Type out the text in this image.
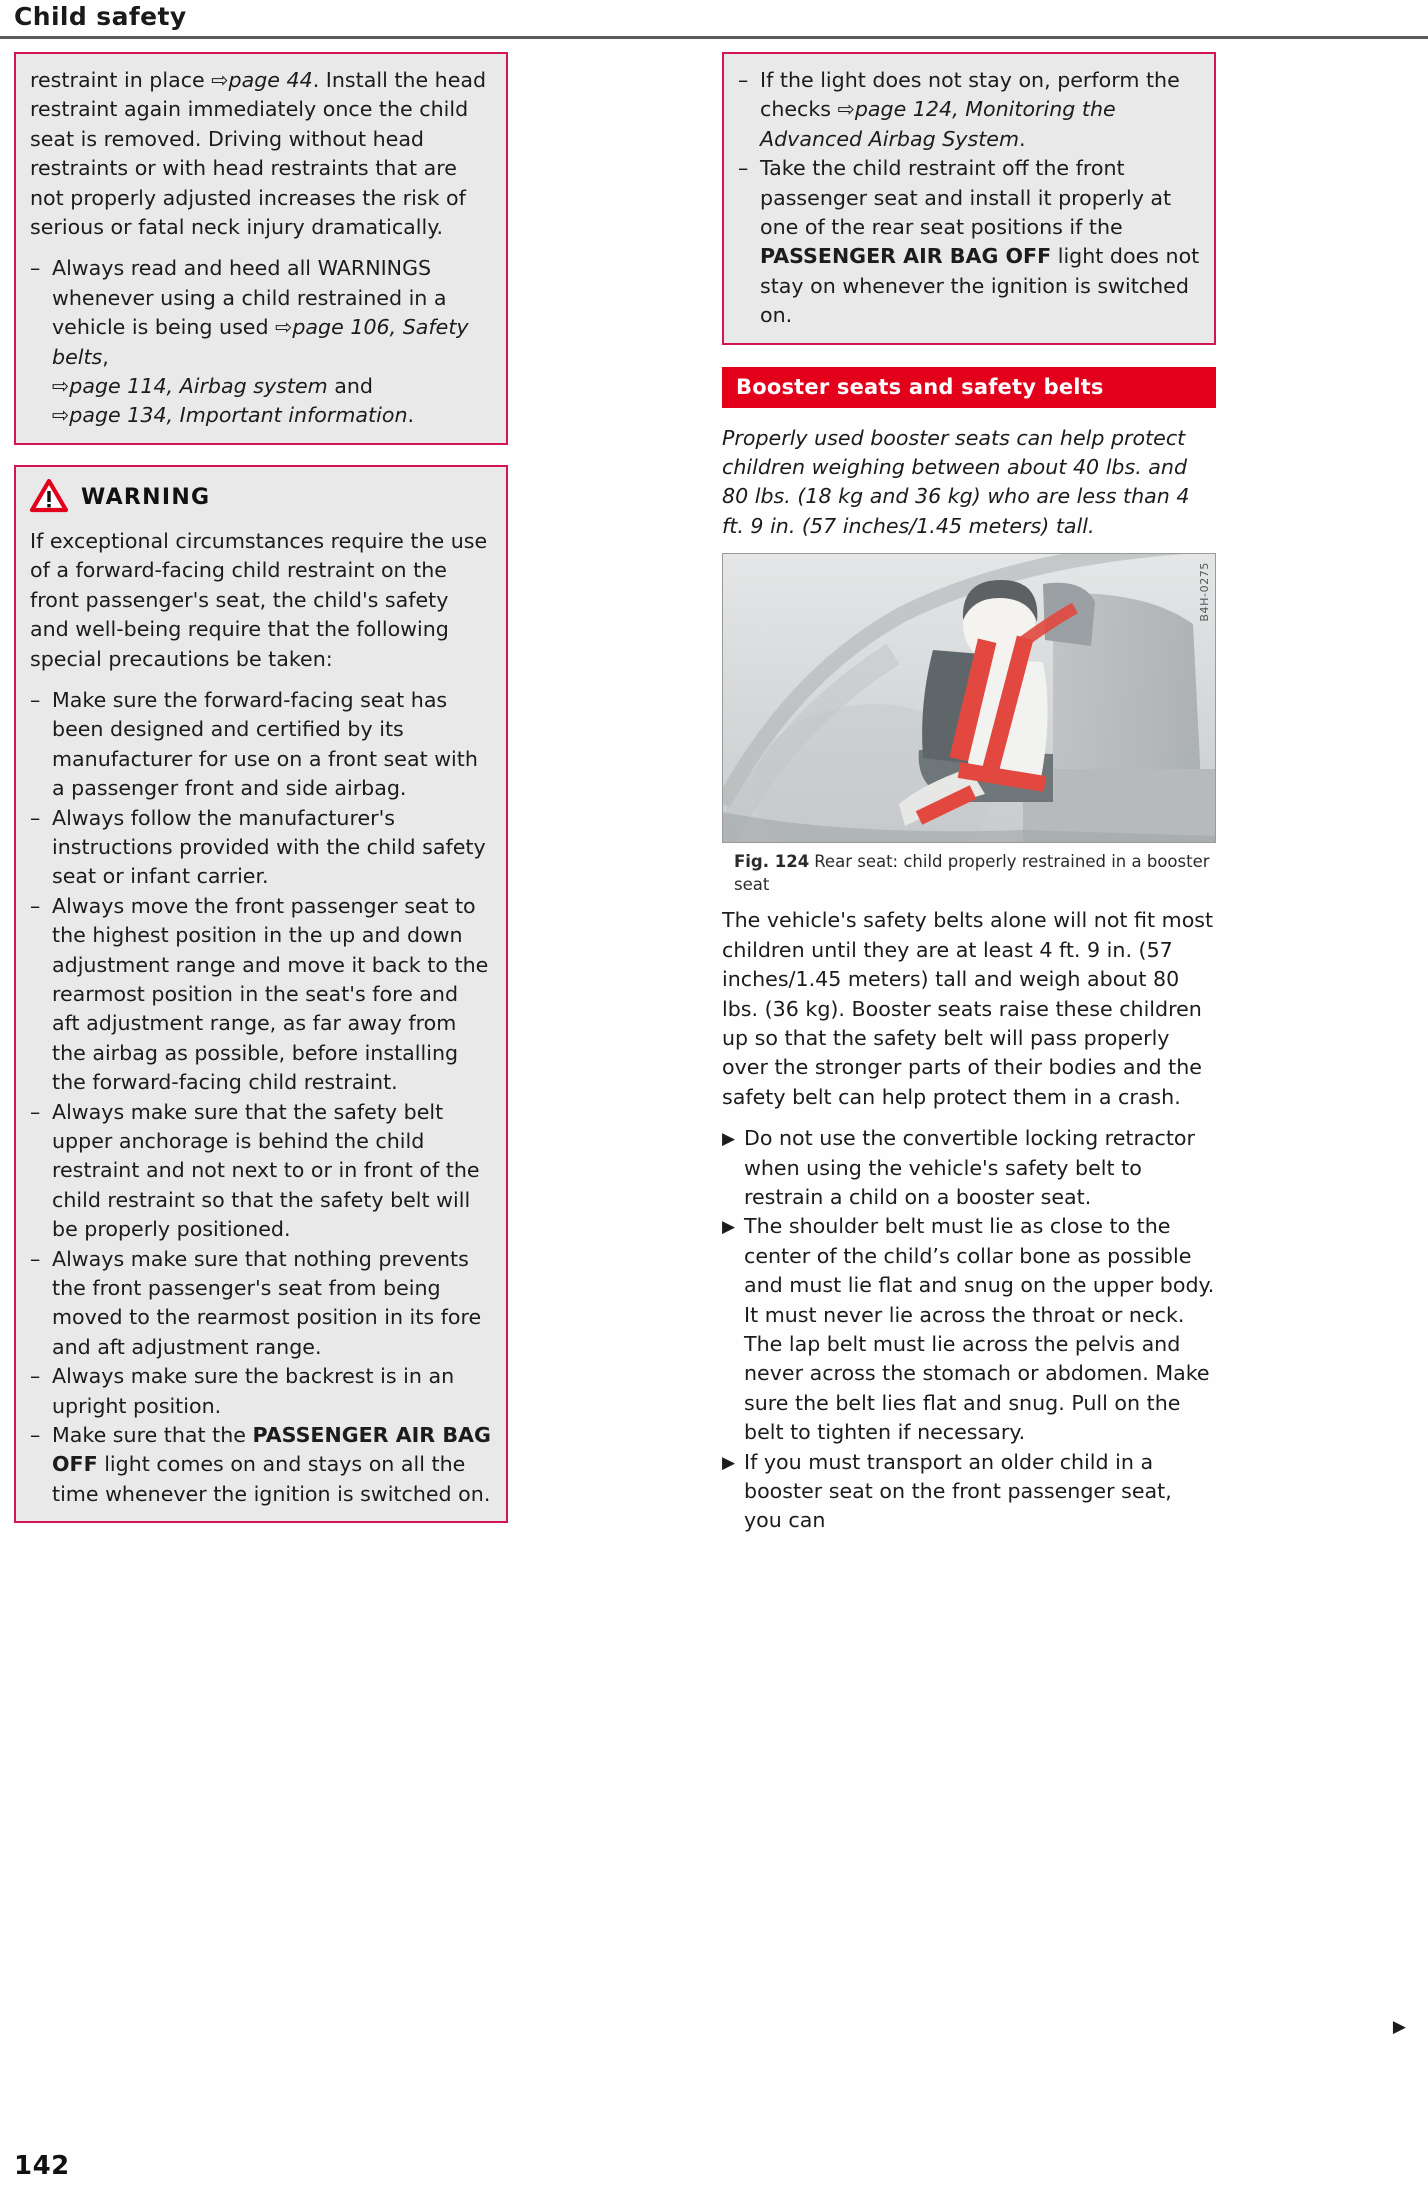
Child safety

restraint in place ⇨page 44. Install the head restraint again immediately once the child seat is removed. Driving without head restraints or with head restraints that are not properly adjusted increases the risk of serious or fatal neck injury dramatically.

– Always read and heed all WARNINGS whenever using a child restrained in a vehicle is being used ⇨page 106, Safety belts,
⇨page 114, Airbag system and
⇨page 134, Important information.
WARNING

If exceptional circumstances require the use of a forward-facing child restraint on the front passenger's seat, the child's safety and well-being require that the following special precautions be taken:

– Make sure the forward-facing seat has been designed and certified by its manufacturer for use on a front seat with a passenger front and side airbag.
– Always follow the manufacturer's instructions provided with the child safety seat or infant carrier.
– Always move the front passenger seat to the highest position in the up and down adjustment range and move it back to the rearmost position in the seat's fore and aft adjustment range, as far away from the airbag as possible, before installing the forward-facing child restraint.
– Always make sure that the safety belt upper anchorage is behind the child restraint and not next to or in front of the child restraint so that the safety belt will be properly positioned.
– Always make sure that nothing prevents the front passenger's seat from being moved to the rearmost position in its fore and aft adjustment range.
– Always make sure the backrest is in an upright position.
– Make sure that the PASSENGER AIR BAG OFF light comes on and stays on all the time whenever the ignition is switched on.
– If the light does not stay on, perform the checks ⇨page 124, Monitoring the Advanced Airbag System.
– Take the child restraint off the front passenger seat and install it properly at one of the rear seat positions if the PASSENGER AIR BAG OFF light does not stay on whenever the ignition is switched on.
Booster seats and safety belts

Properly used booster seats can help protect children weighing between about 40 lbs. and 80 lbs. (18 kg and 36 kg) who are less than 4 ft. 9 in. (57 inches/1.45 meters) tall.

B4H-0275
Fig. 124 Rear seat: child properly restrained in a booster seat

The vehicle's safety belts alone will not fit most children until they are at least 4 ft. 9 in. (57 inches/1.45 meters) tall and weigh about 80 lbs. (36 kg). Booster seats raise these children up so that the safety belt will pass properly over the stronger parts of their bodies and the safety belt can help protect them in a crash.

▶ Do not use the convertible locking retractor when using the vehicle's safety belt to restrain a child on a booster seat.
▶ The shoulder belt must lie as close to the center of the child’s collar bone as possible and must lie flat and snug on the upper body. It must never lie across the throat or neck. The lap belt must lie across the pelvis and never across the stomach or abdomen. Make sure the belt lies flat and snug. Pull on the belt to tighten if necessary.
▶ If you must transport an older child in a booster seat on the front passenger seat, you can
▶
142
